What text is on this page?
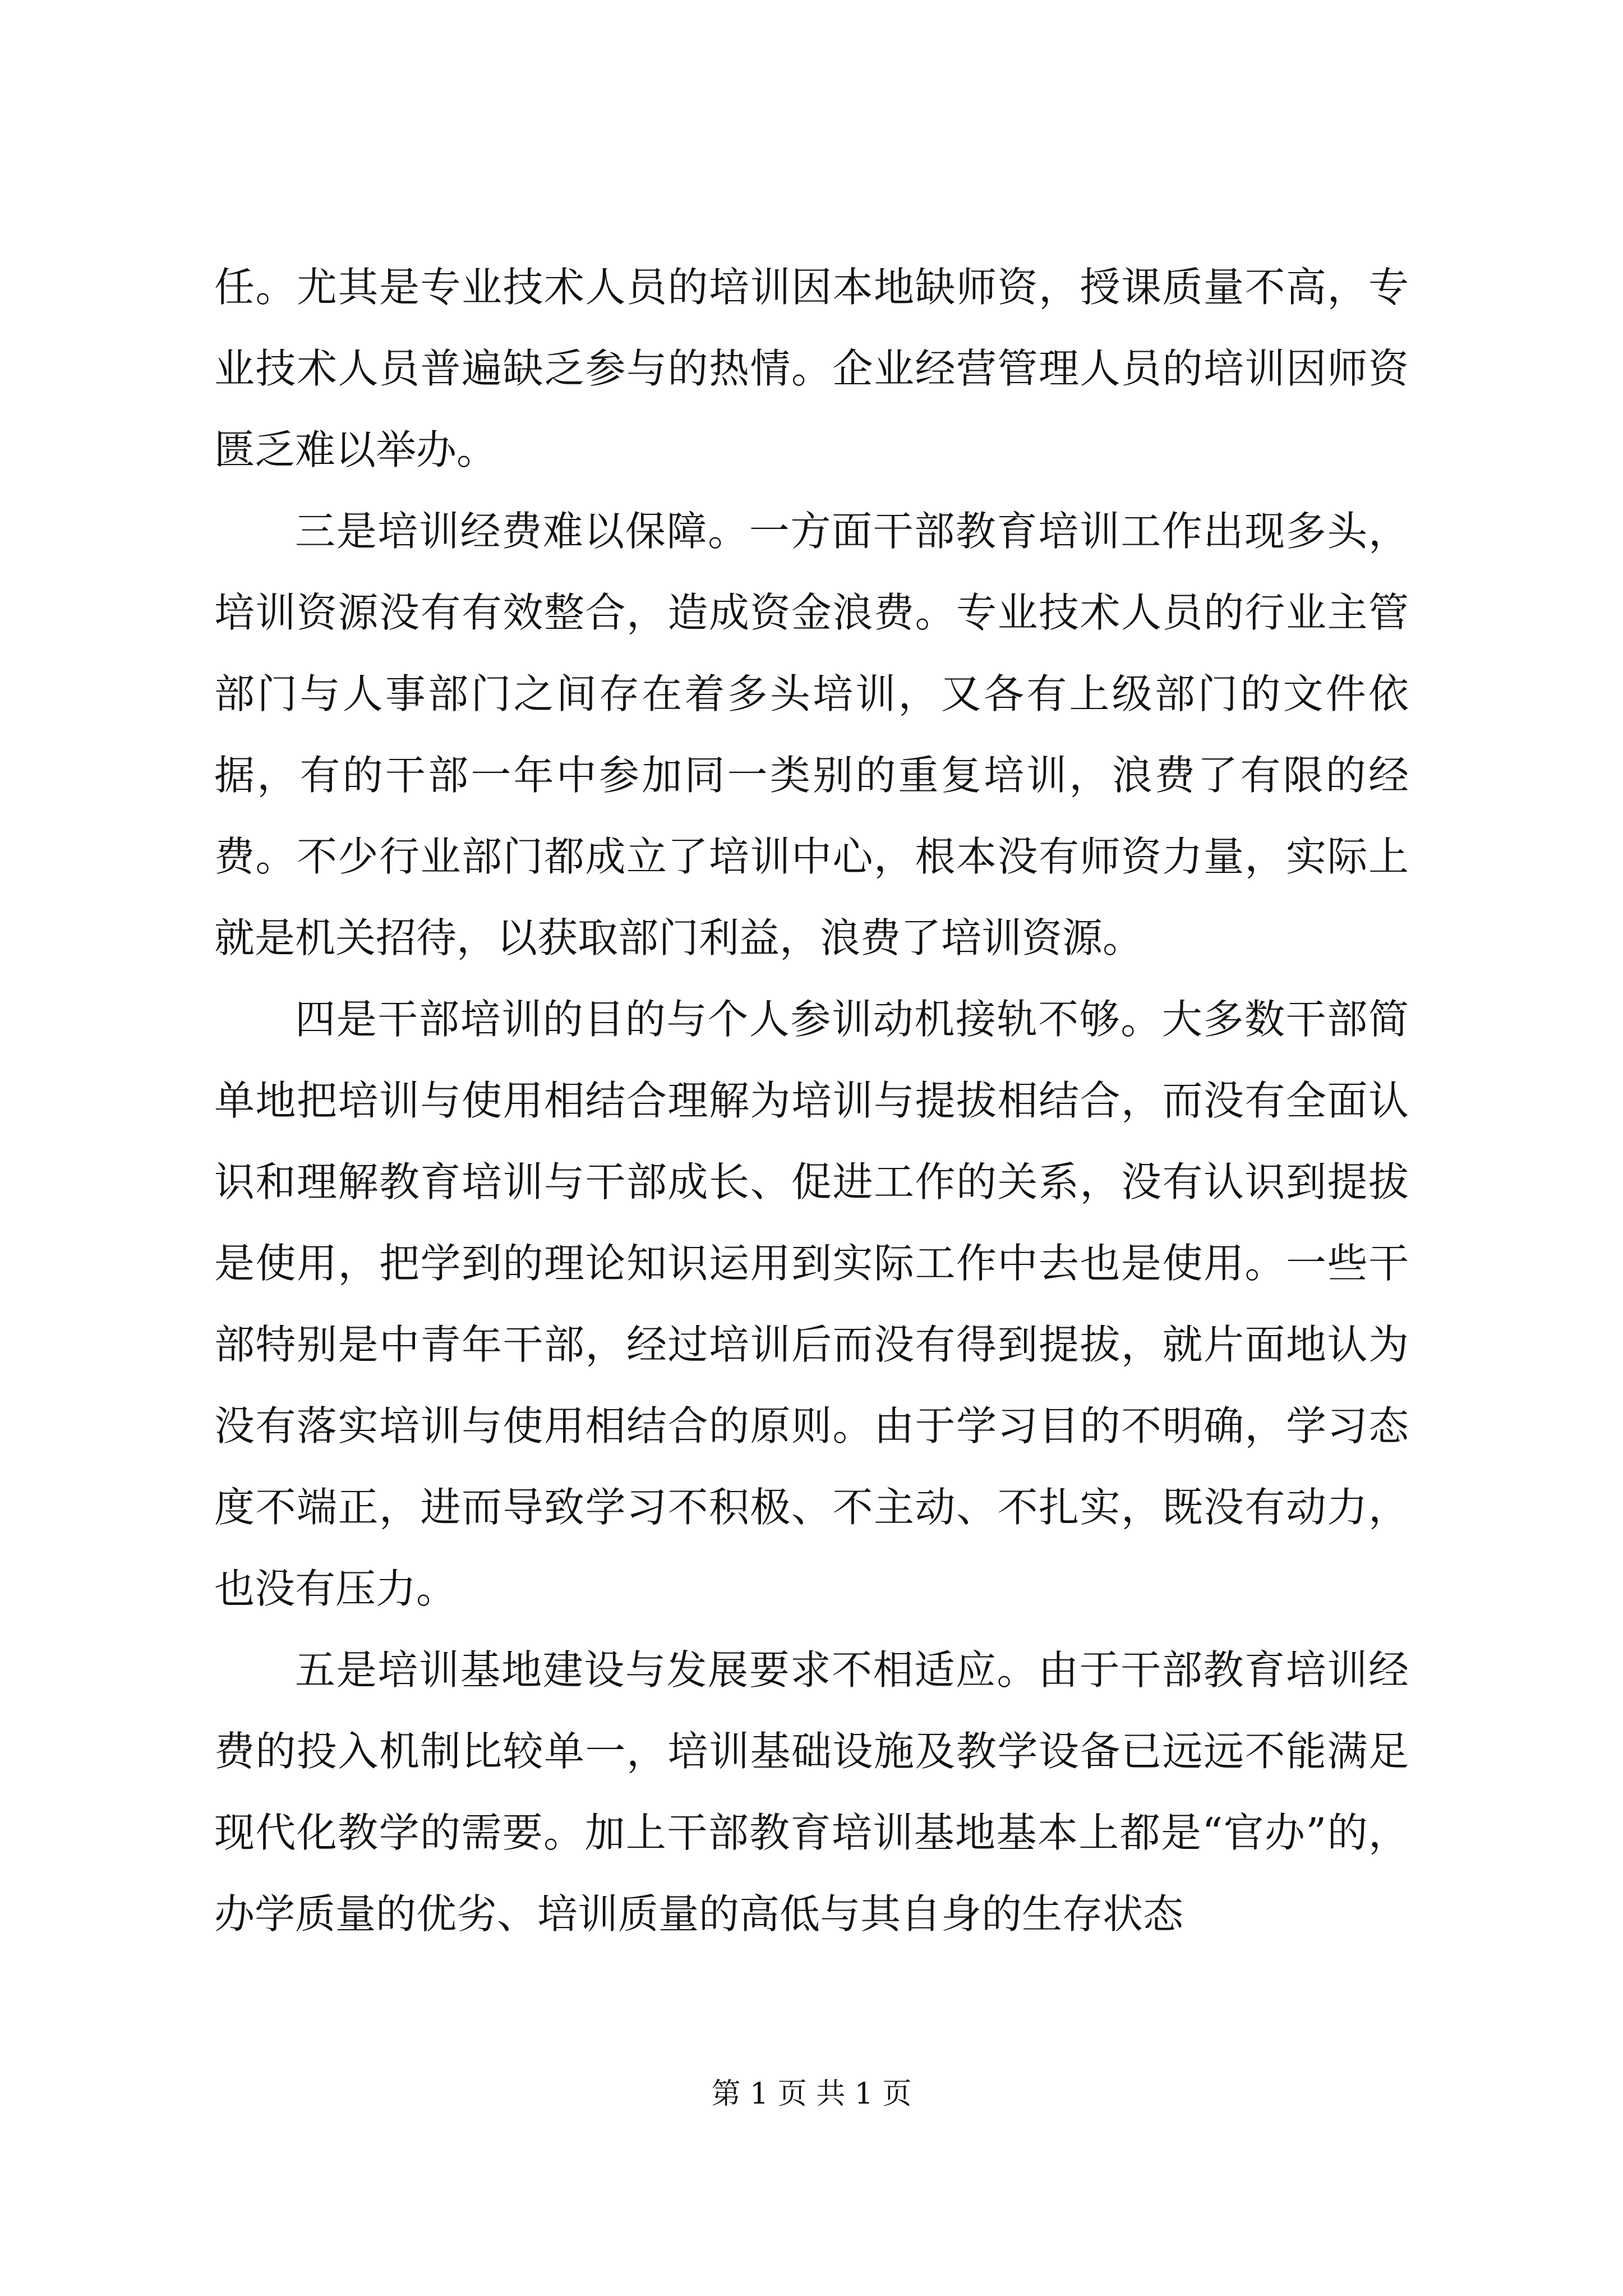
任。尤其是专业技术人员的培训因本地缺师资，授课质量不高，专业技术人员普遍缺乏参与的热情。企业经营管理人员的培训因师资匮乏难以举办。

三是培训经费难以保障。一方面干部教育培训工作出现多头，培训资源没有有效整合，造成资金浪费。专业技术人员的行业主管部门与人事部门之间存在着多头培训，又各有上级部门的文件依据，有的干部一年中参加同一类别的重复培训，浪费了有限的经费。不少行业部门都成立了培训中心，根本没有师资力量，实际上就是机关招待，以获取部门利益，浪费了培训资源。

四是干部培训的目的与个人参训动机接轨不够。大多数干部简单地把培训与使用相结合理解为培训与提拔相结合，而没有全面认识和理解教育培训与干部成长、促进工作的关系，没有认识到提拔是使用，把学到的理论知识运用到实际工作中去也是使用。一些干部特别是中青年干部，经过培训后而没有得到提拔，就片面地认为没有落实培训与使用相结合的原则。由于学习目的不明确，学习态度不端正，进而导致学习不积极、不主动、不扎实，既没有动力，也没有压力。

五是培训基地建设与发展要求不相适应。由于干部教育培训经费的投入机制比较单一，培训基础设施及教学设备已远远不能满足现代化教学的需要。加上干部教育培训基地基本上都是“官办”的，办学质量的优劣、培训质量的高低与其自身的生存状态

第 1 页 共 1 页
